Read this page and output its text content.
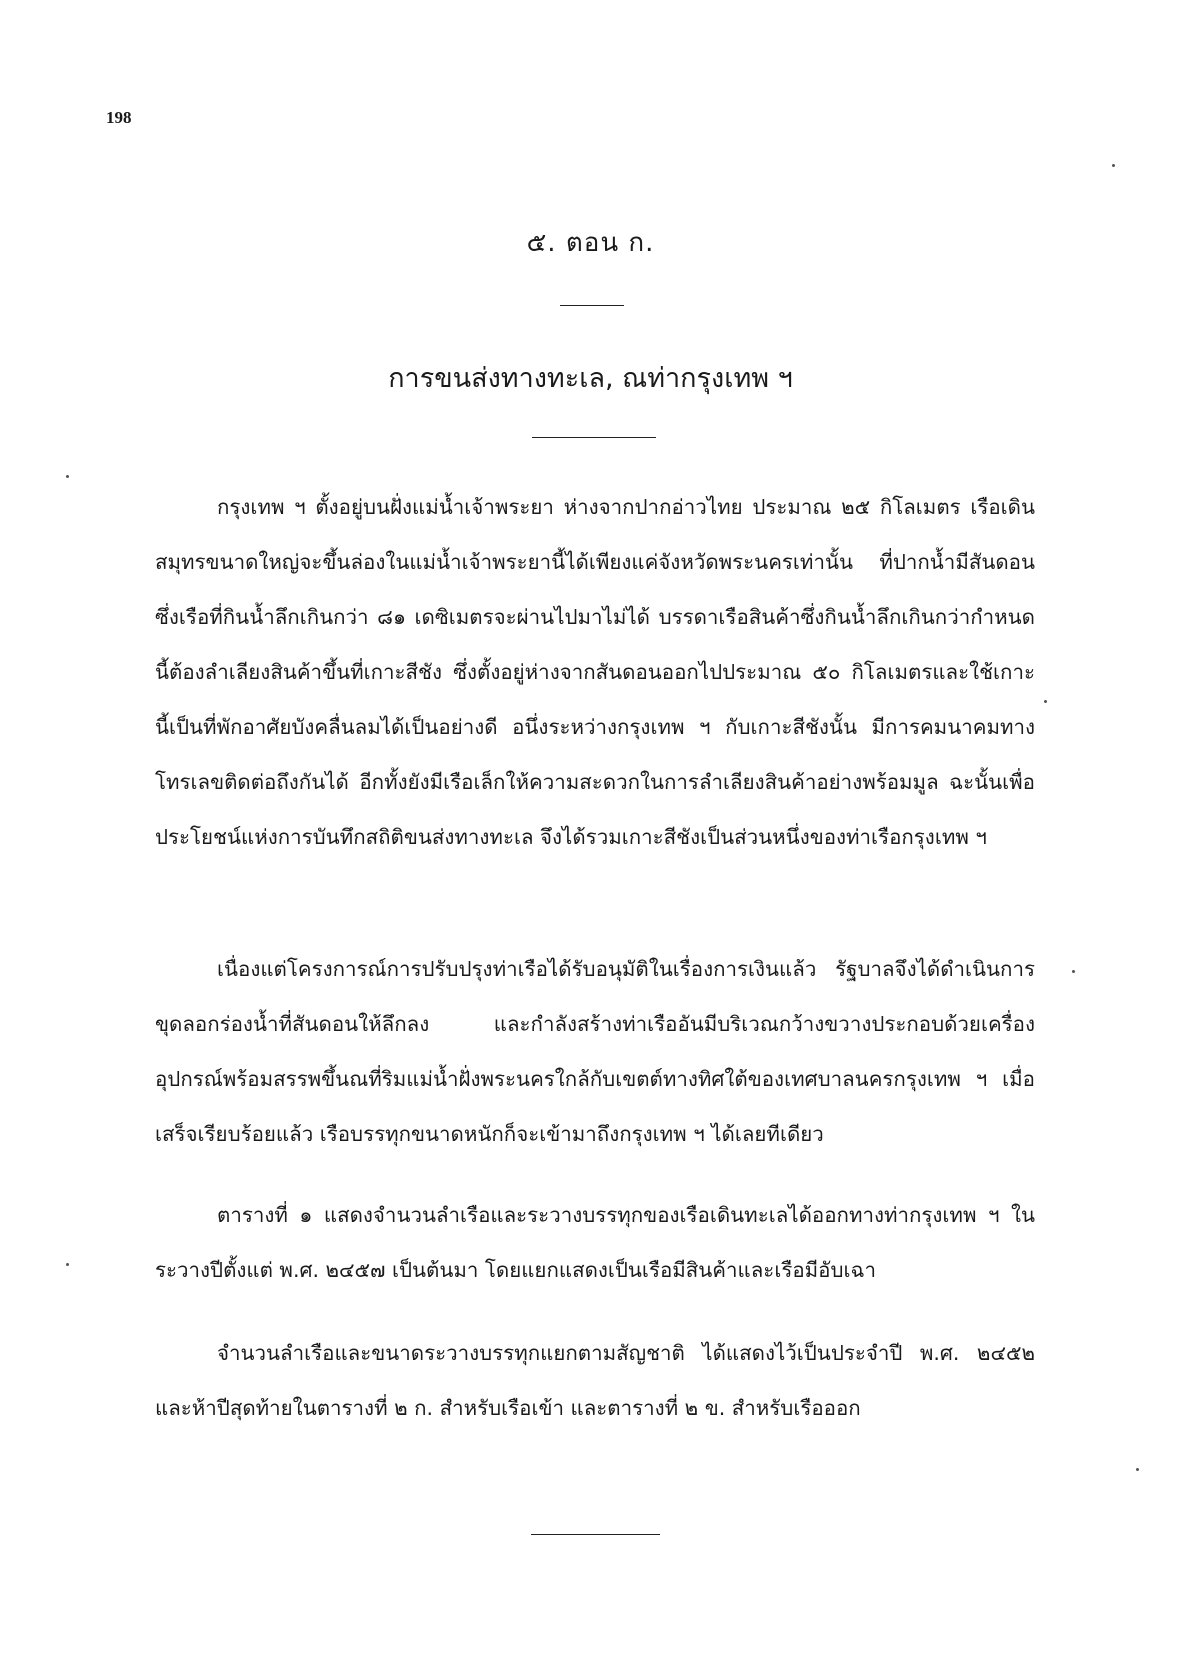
198
๕. ตอน ก.
การขนส่งทางทะเล, ณท่ากรุงเทพ ฯ
กรุงเทพ ฯ ตั้งอยู่บนฝั่งแม่น้ำเจ้าพระยา ห่างจากปากอ่าวไทย ประมาณ ๒๕ กิโลเมตร เรือเดินสมุทรขนาดใหญ่จะขึ้นล่องในแม่น้ำเจ้าพระยานี้ได้เพียงแค่จังหวัดพระนครเท่านั้น ที่ปากน้ำมีสันดอนซึ่งเรือที่กินน้ำลึกเกินกว่า ๘๑ เดซิเมตรจะผ่านไปมาไม่ได้ บรรดาเรือสินค้าซึ่งกินน้ำลึกเกินกว่ากำหนดนี้ต้องลำเลียงสินค้าขึ้นที่เกาะสีชัง ซึ่งตั้งอยู่ห่างจากสันดอนออกไปประมาณ ๕๐ กิโลเมตรและใช้เกาะนี้เป็นที่พักอาศัยบังคลื่นลมได้เป็นอย่างดี อนึ่งระหว่างกรุงเทพ ฯ กับเกาะสีชังนั้น มีการคมนาคมทางโทรเลขติดต่อถึงกันได้ อีกทั้งยังมีเรือเล็กให้ความสะดวกในการลำเลียงสินค้าอย่างพร้อมมูล ฉะนั้นเพื่อประโยชน์แห่งการบันทึกสถิติขนส่งทางทะเล จึงได้รวมเกาะสีชังเป็นส่วนหนึ่งของท่าเรือกรุงเทพ ฯ
เนื่องแต่โครงการณ์การปรับปรุงท่าเรือได้รับอนุมัติในเรื่องการเงินแล้ว รัฐบาลจึงได้ดำเนินการขุดลอกร่องน้ำที่สันดอนให้ลึกลง และกำลังสร้างท่าเรืออันมีบริเวณกว้างขวางประกอบด้วยเครื่องอุปกรณ์พร้อมสรรพขึ้นณที่ริมแม่น้ำฝั่งพระนครใกล้กับเขตต์ทางทิศใต้ของเทศบาลนครกรุงเทพ ฯ เมื่อเสร็จเรียบร้อยแล้ว เรือบรรทุกขนาดหนักก็จะเข้ามาถึงกรุงเทพ ฯ ได้เลยทีเดียว
ตารางที่ ๑ แสดงจำนวนลำเรือและระวางบรรทุกของเรือเดินทะเลได้ออกทางท่ากรุงเทพ ฯ ในระวางปีตั้งแต่ พ.ศ. ๒๔๕๗ เป็นต้นมา โดยแยกแสดงเป็นเรือมีสินค้าและเรือมีอับเฉา
จำนวนลำเรือและขนาดระวางบรรทุกแยกตามสัญชาติ ได้แสดงไว้เป็นประจำปี พ.ศ. ๒๔๕๒ และห้าปีสุดท้ายในตารางที่ ๒ ก. สำหรับเรือเข้า และตารางที่ ๒ ข. สำหรับเรือออก
